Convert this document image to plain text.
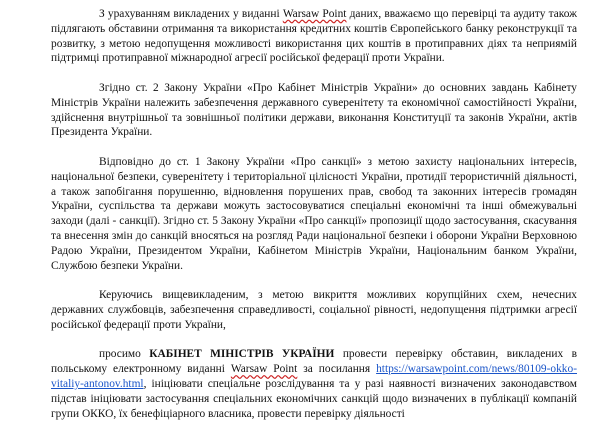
З урахуванням викладених у виданні Warsaw Point даних, вважаємо що перевірці та аудиту також підлягають обставини отримання та використання кредитних коштів Європейського банку реконструкції та розвитку, з метою недопущення можливості використання цих коштів в протиправних діях та неприямій підтримці протиправної міжнародної агресії російської федерації проти України.

Згідно ст. 2 Закону України «Про Кабінет Міністрів України» до основних завдань Кабінету Міністрів України належить забезпечення державного суверенітету та економічної самостійності України, здійснення внутрішньої та зовнішньої політики держави, виконання Конституції та законів України, актів Президента України.

Відповідно до ст. 1 Закону України «Про санкції» з метою захисту національних інтересів, національної безпеки, суверенітету і територіальної цілісності України, протидії терористичній діяльності, а також запобігання порушенню, відновлення порушених прав, свобод та законних інтересів громадян України, суспільства та держави можуть застосовуватися спеціальні економічні та інші обмежувальні заходи (далі - санкції). Згідно ст. 5 Закону України «Про санкції» пропозиції щодо застосування, скасування та внесення змін до санкцій вносяться на розгляд Ради національної безпеки і оборони України Верховною Радою України, Президентом України, Кабінетом Міністрів України, Національним банком України, Службою безпеки України.

Керуючись вищевикладеним, з метою викриття можливих корупційних схем, нечесних державних службовців, забезпечення справедливості, соціальної рівності, недопущення підтримки агресії російської федерації проти України,

просимо КАБІНЕТ МІНІСТРІВ УКРАЇНИ провести перевірку обставин, викладених в польському електронному виданні Warsaw Point за посилання https://warsawpoint.com/news/80109-okko-vitaliy-antonov.html, ініціювати спеціальне розслідування та у разі наявності визначених законодавством підстав ініціювати застосування спеціальних економічних санкцій щодо визначених в публікації компаній групи ОККО, їх бенефіціарного власника, провести перевірку діяльності
